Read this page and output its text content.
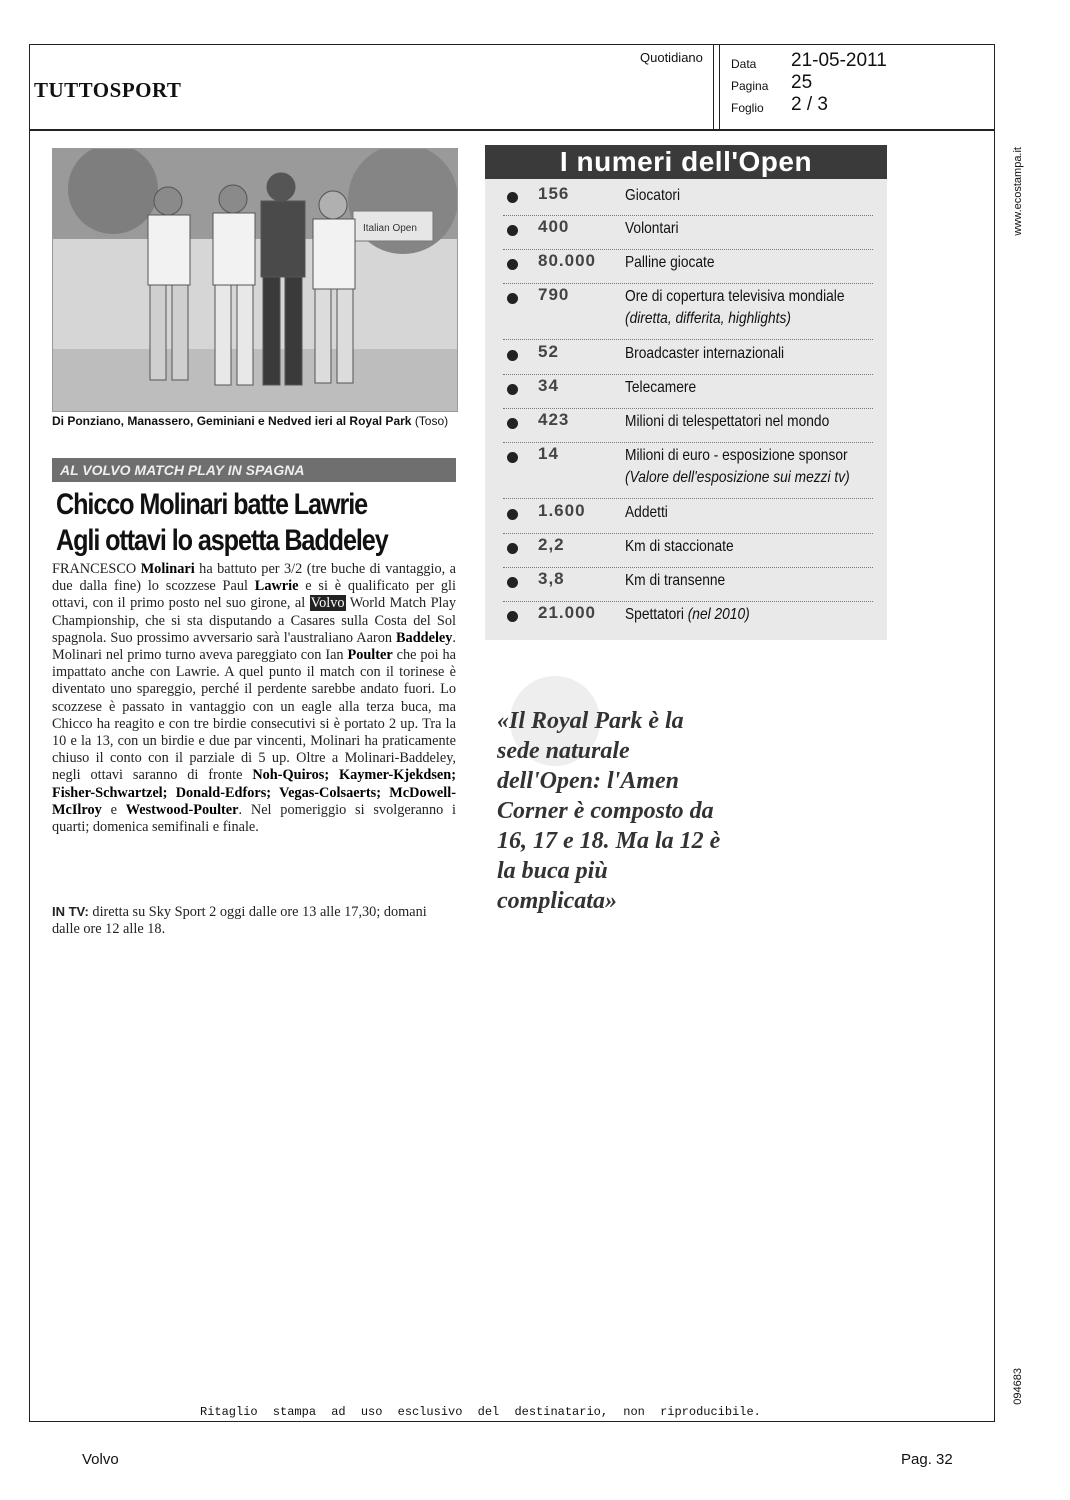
TUTTOSPORT
Quotidiano Data 21-05-2011
Pagina 25
Foglio 2 / 3
www.ecostampa.it
094683
Italian Open
Di Ponziano, Manassero, Geminiani e Nedved ieri al Royal Park (Toso)
AL VOLVO MATCH PLAY IN SPAGNA
Chicco Molinari batte Lawrie
Agli ottavi lo aspetta Baddeley
FRANCESCO Molinari ha battuto per 3/2 (tre buche di vantaggio, a due dalla fine) lo scozzese Paul Lawrie e si è qualificato per gli ottavi, con il primo posto nel suo girone, al Volvo World Match Play Championship, che si sta disputando a Casares sulla Costa del Sol spagnola. Suo prossimo avversario sarà l'australiano Aaron Baddeley. Molinari nel primo turno aveva pareggiato con Ian Poulter che poi ha impattato anche con Lawrie. A quel punto il match con il torinese è diventato uno spareggio, perché il perdente sarebbe andato fuori. Lo scozzese è passato in vantaggio con un eagle alla terza buca, ma Chicco ha reagito e con tre birdie consecutivi si è portato 2 up. Tra la 10 e la 13, con un birdie e due par vincenti, Molinari ha praticamente chiuso il conto con il parziale di 5 up. Oltre a Molinari-Baddeley, negli ottavi saranno di fronte Noh-Quiros; Kaymer-Kjekdsen; Fisher-Schwartzel; Donald-Edfors; Vegas-Colsaerts; McDowell-McIlroy e Westwood-Poulter. Nel pomeriggio si svolgeranno i quarti; domenica semifinali e finale.
IN TV: diretta su Sky Sport 2 oggi dalle ore 13 alle 17,30; domani dalle ore 12 alle 18.
I numeri dell'Open
156	Giocatori
400	Volontari
80.000 Palline giocate
790	Ore di copertura televisiva mondiale
(diretta, differita, highlights)
52	Broadcaster internazionali
34	Telecamere
423	Milioni di telespettatori nel mondo
14	Milioni di euro - esposizione sponsor
(Valore dell'esposizione sui mezzi tv)
1.600 Addetti
2,2	Km di staccionate
3,8	Km di transenne
21.000 Spettatori (nel 2010)
«Il Royal Park è la sede naturale dell'Open: l'Amen Corner è composto da 16, 17 e 18. Ma la 12 è la buca più complicata»
Ritaglio stampa ad uso esclusivo del destinatario, non riproducibile.
Volvo	Pag. 32
